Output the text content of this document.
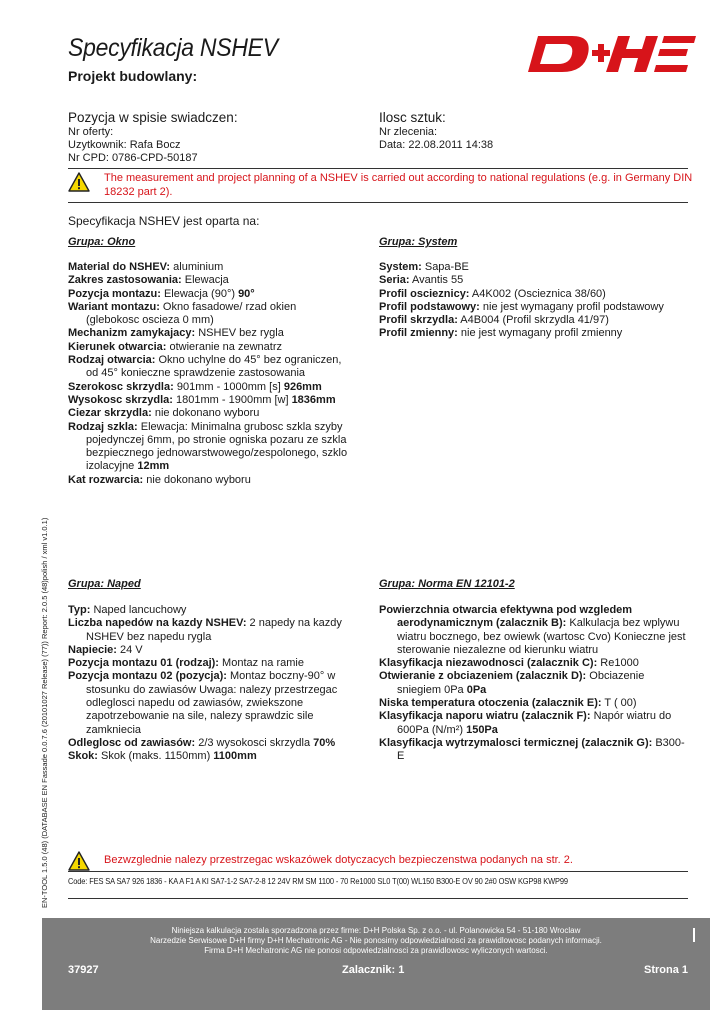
Specyfikacja NSHEV
Projekt budowlany:
Pozycja w spisie swiadczen:
Nr oferty:
Uzytkownik: Rafa Bocz
Nr CPD: 0786-CPD-50187
Ilosc sztuk:
Nr zlecenia:
Data: 22.08.2011 14:38
The measurement and project planning of a NSHEV is carried out according to national regulations (e.g. in Germany DIN 18232 part 2).
Specyfikacja NSHEV jest oparta na:
Grupa: Okno
Material do NSHEV: aluminium
Zakres zastosowania: Elewacja
Pozycja montazu: Elewacja (90°) 90°
Wariant montazu: Okno fasadowe/ rzad okien (glebokosc oscieza 0 mm)
Mechanizm zamykajacy: NSHEV bez rygla
Kierunek otwarcia: otwieranie na zewnatrz
Rodzaj otwarcia: Okno uchylne do 45° bez ograniczen, od 45° konieczne sprawdzenie zastosowania
Szerokosc skrzydla: 901mm - 1000mm [s] 926mm
Wysokosc skrzydla: 1801mm - 1900mm [w] 1836mm
Ciezar skrzydla: nie dokonano wyboru
Rodzaj szkla: Elewacja: Minimalna grubosc szkla szyby pojedynczej 6mm, po stronie ogniska pozaru ze szkla bezpiecznego jednowarstwowego/zespolonego, szklo izolacyjne 12mm
Kat rozwarcia: nie dokonano wyboru
Grupa: System
System: Sapa-BE
Seria: Avantis 55
Profil oscieznicy: A4K002 (Oscieznica 38/60)
Profil podstawowy: nie jest wymagany profil podstawowy
Profil skrzydla: A4B004 (Profil skrzydla 41/97)
Profil zmienny: nie jest wymagany profil zmienny
Grupa: Naped
Typ: Naped lancuchowy
Liczba napedów na kazdy NSHEV: 2 napedy na kazdy NSHEV bez napedu rygla
Napiecie: 24 V
Pozycja montazu 01 (rodzaj): Montaz na ramie
Pozycja montazu 02 (pozycja): Montaz boczny-90° w stosunku do zawiasów Uwaga: nalezy przestrzegac odleglosci napedu od zawiasów, zwiekszone zapotrzebowanie na sile, nalezy sprawdzic sile zamkniecia
Odleglosc od zawiasów: 2/3 wysokosci skrzydla 70%
Skok: Skok (maks. 1150mm) 1100mm
Grupa: Norma EN 12101-2
Powierzchnia otwarcia efektywna pod wzgledem aerodynamicznym (zalacznik B): Kalkulacja bez wplywu wiatru bocznego, bez owiewk (wartosc Cvo) Konieczne jest sterowanie niezalezne od kierunku wiatru
Klasyfikacja niezawodnosci (zalacznik C): Re1000
Otwieranie z obciazeniem (zalacznik D): Obciazenie sniegiem 0Pa 0Pa
Niska temperatura otoczenia (zalacznik E): T ( 00)
Klasyfikacja naporu wiatru (zalacznik F): Napór wiatru do 600Pa (N/m²) 150Pa
Klasyfikacja wytrzymalosci termicznej (zalacznik G): B300-E
Bezwzglednie nalezy przestrzegac wskazówek dotyczacych bezpieczenstwa podanych na str. 2.
Code: FES SA SA7 926 1836 - KA A F1 A KI SA7-1-2 SA7-2-8 12 24V RM SM 1100 - 70 Re1000 SL0 T(00) WL150 B300-E OV 90 2#0 OSW KGP98 KWP99
EN-TOOL 1.5.0 (48) (DATABASE EN Fassade 0.0.7.6 (20101027 Release) (77)) Report: 2.0.5 (48)polish / xml v1.0.1)
Niniejsza kalkulacja zostala sporzadzona przez firme: D+H Polska Sp. z o.o. - ul. Polanowicka 54 - 51-180 Wroclaw
Narzedzie Serwisowe D+H firmy D+H Mechatronic AG - Nie ponosimy odpowiedzialnosci za prawidlowosc podanych informacji.
Firma D+H Mechatronic AG nie ponosi odpowiedzialnosci za prawidlowosc wyliczonych wartosci.
37927	Zalacznik: 1	Strona 1
